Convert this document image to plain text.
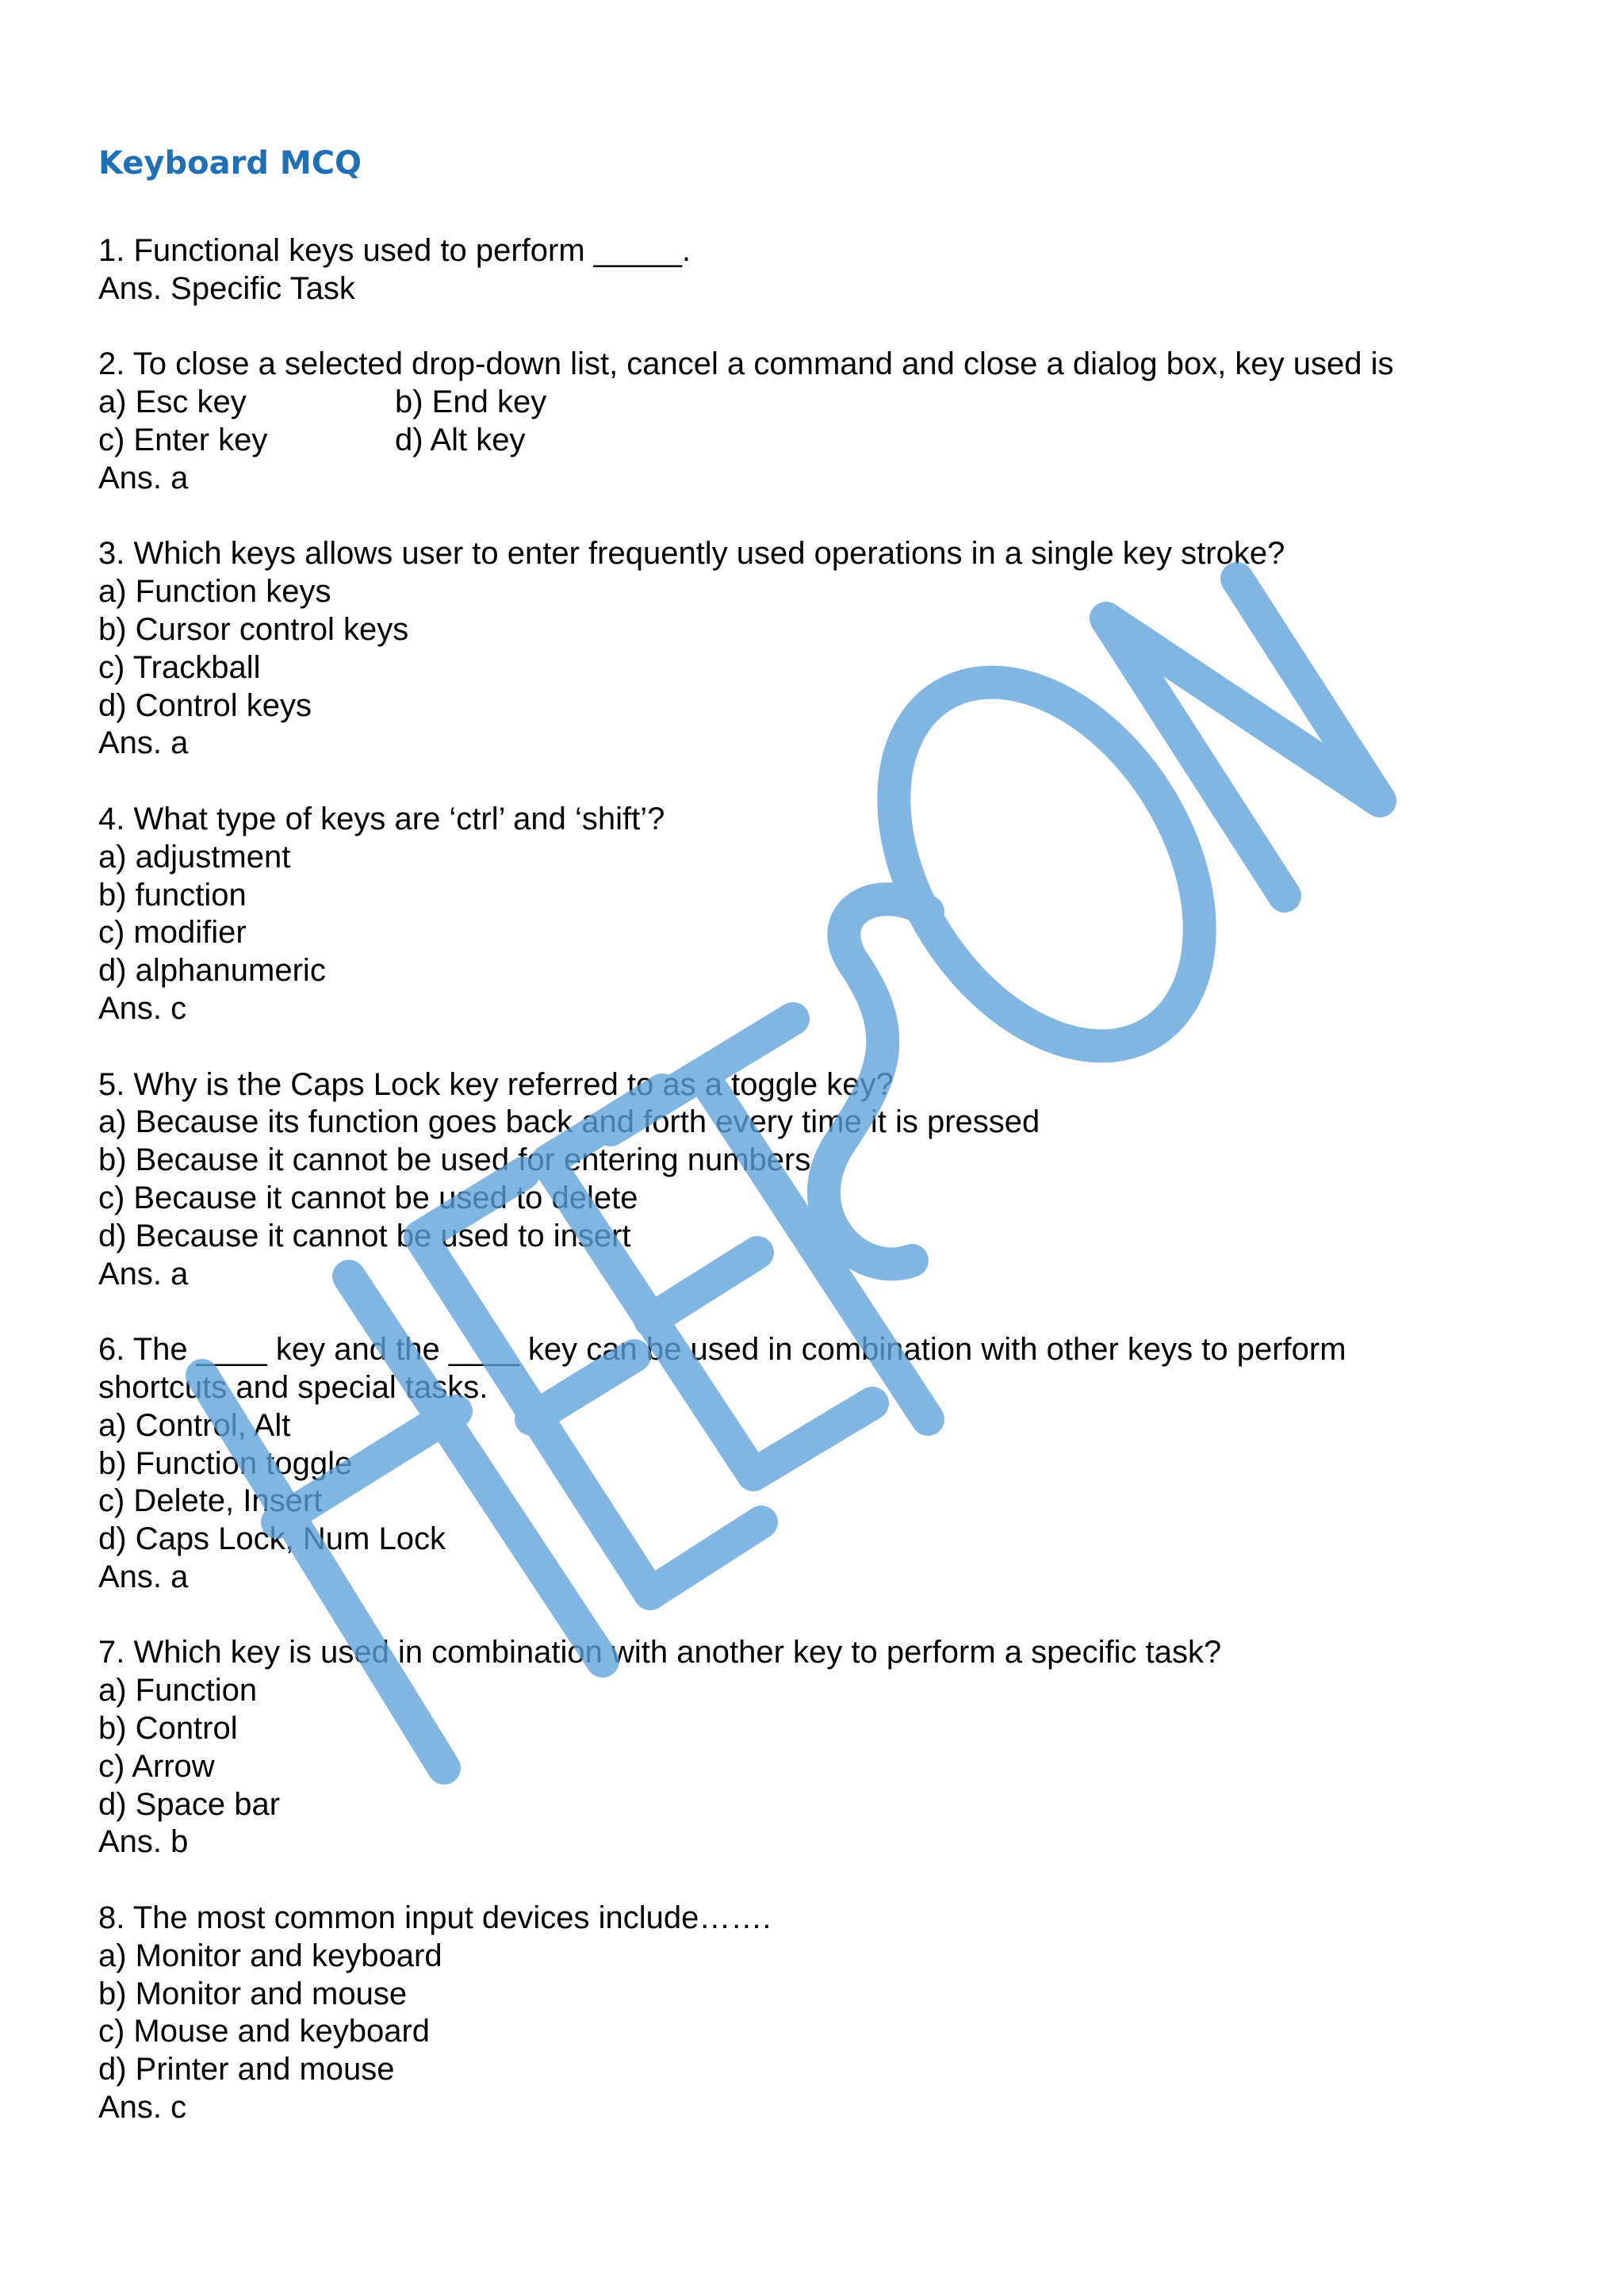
Keyboard MCQ
1. Functional keys used to perform _____.
Ans. Specific Task
2. To close a selected drop-down list, cancel a command and close a dialog box, key used is
a) Esc key	b) End key
c) Enter key	d) Alt key
Ans. a
3. Which keys allows user to enter frequently used operations in a single key stroke?
a) Function keys
b) Cursor control keys
c) Trackball
d) Control keys
Ans. a
4. What type of keys are ‘ctrl’ and ‘shift’?
a) adjustment
b) function
c) modifier
d) alphanumeric
Ans. c
5. Why is the Caps Lock key referred to as a toggle key?
a) Because its function goes back and forth every time it is pressed
b) Because it cannot be used for entering numbers
c) Because it cannot be used to delete
d) Because it cannot be used to insert
Ans. a
6. The ____ key and the ____ key can be used in combination with other keys to perform
shortcuts and special tasks.
a) Control, Alt
b) Function toggle
c) Delete, Insert
d) Caps Lock, Num Lock
Ans. a
7. Which key is used in combination with another key to perform a specific task?
a) Function
b) Control
c) Arrow
d) Space bar
Ans. b
8. The most common input devices include…….
a) Monitor and keyboard
b) Monitor and mouse
c) Mouse and keyboard
d) Printer and mouse
Ans. c
